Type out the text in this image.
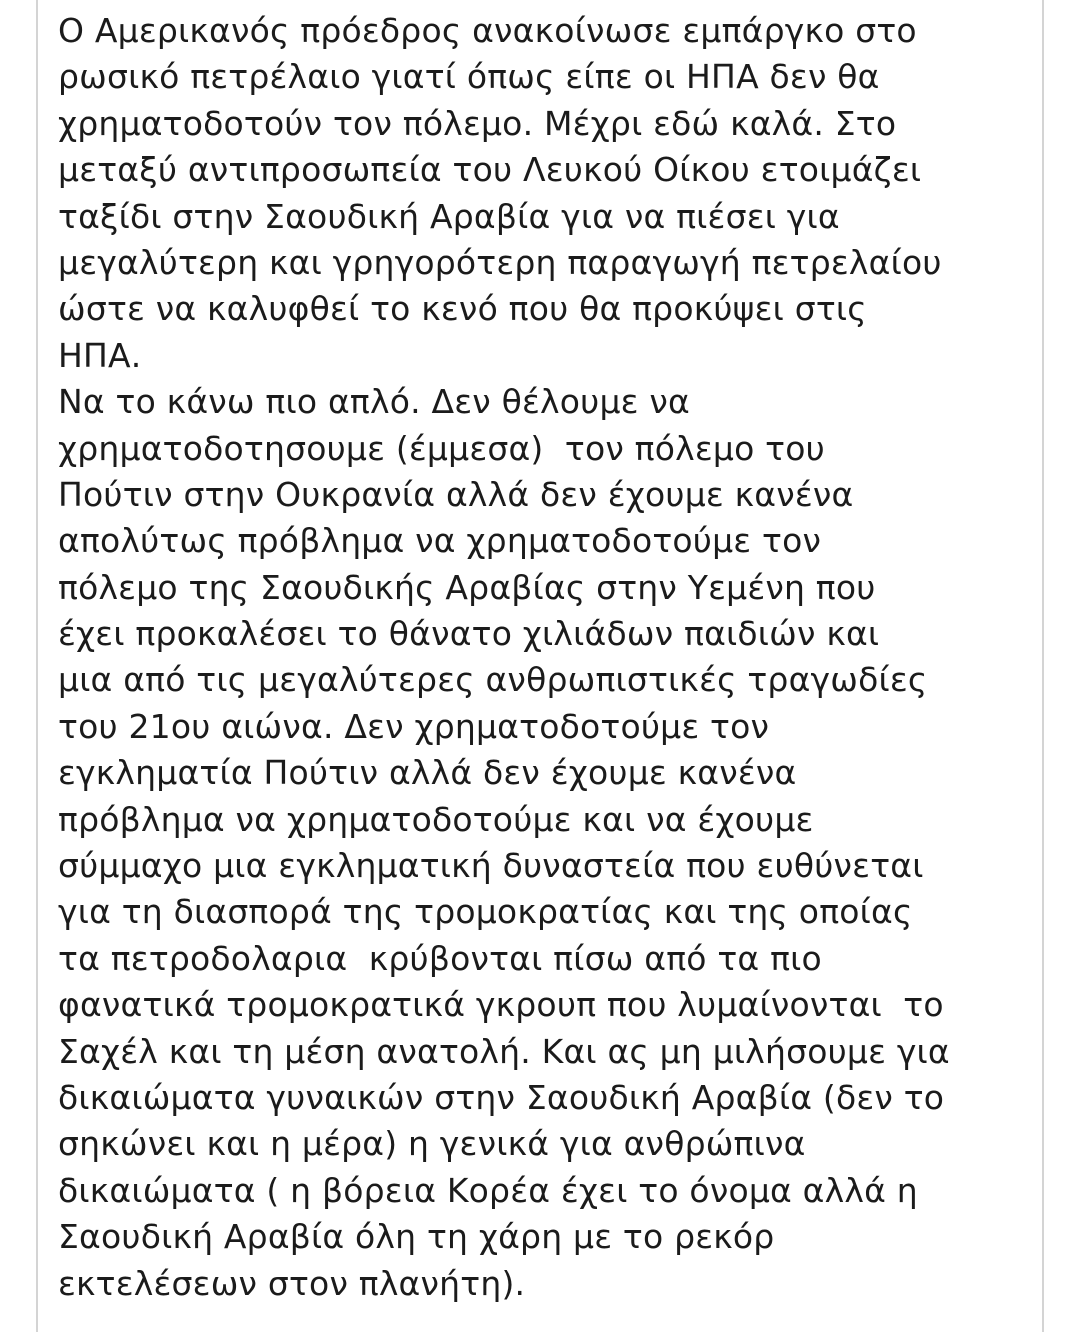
Ο Αμερικανός πρόεδρος ανακοίνωσε εμπάργκο στο
ρωσικό πετρέλαιο γιατί όπως είπε οι ΗΠΑ δεν θα
χρηματοδοτούν τον πόλεμο. Μέχρι εδώ καλά. Στο
μεταξύ αντιπροσωπεία του Λευκού Οίκου ετοιμάζει
ταξίδι στην Σαουδική Αραβία για να πιέσει για
μεγαλύτερη και γρηγορότερη παραγωγή πετρελαίου
ώστε να καλυφθεί το κενό που θα προκύψει στις
ΗΠΑ.
Να το κάνω πιο απλό. Δεν θέλουμε να
χρηματοδοτησουμε (έμμεσα)  τον πόλεμο του
Πούτιν στην Ουκρανία αλλά δεν έχουμε κανένα
απολύτως πρόβλημα να χρηματοδοτούμε τον
πόλεμο της Σαουδικής Αραβίας στην Υεμένη που
έχει προκαλέσει το θάνατο χιλιάδων παιδιών και
μια από τις μεγαλύτερες ανθρωπιστικές τραγωδίες
του 21ου αιώνα. Δεν χρηματοδοτούμε τον
εγκληματία Πούτιν αλλά δεν έχουμε κανένα
πρόβλημα να χρηματοδοτούμε και να έχουμε
σύμμαχο μια εγκληματική δυναστεία που ευθύνεται
για τη διασπορά της τρομοκρατίας και της οποίας
τα πετροδολαρια  κρύβονται πίσω από τα πιο
φανατικά τρομοκρατικά γκρουπ που λυμαίνονται  το
Σαχέλ και τη μέση ανατολή. Και ας μη μιλήσουμε για
δικαιώματα γυναικών στην Σαουδική Αραβία (δεν το
σηκώνει και η μέρα) η γενικά για ανθρώπινα
δικαιώματα ( η βόρεια Κορέα έχει το όνομα αλλά η
Σαουδική Αραβία όλη τη χάρη με το ρεκόρ
εκτελέσεων στον πλανήτη).
